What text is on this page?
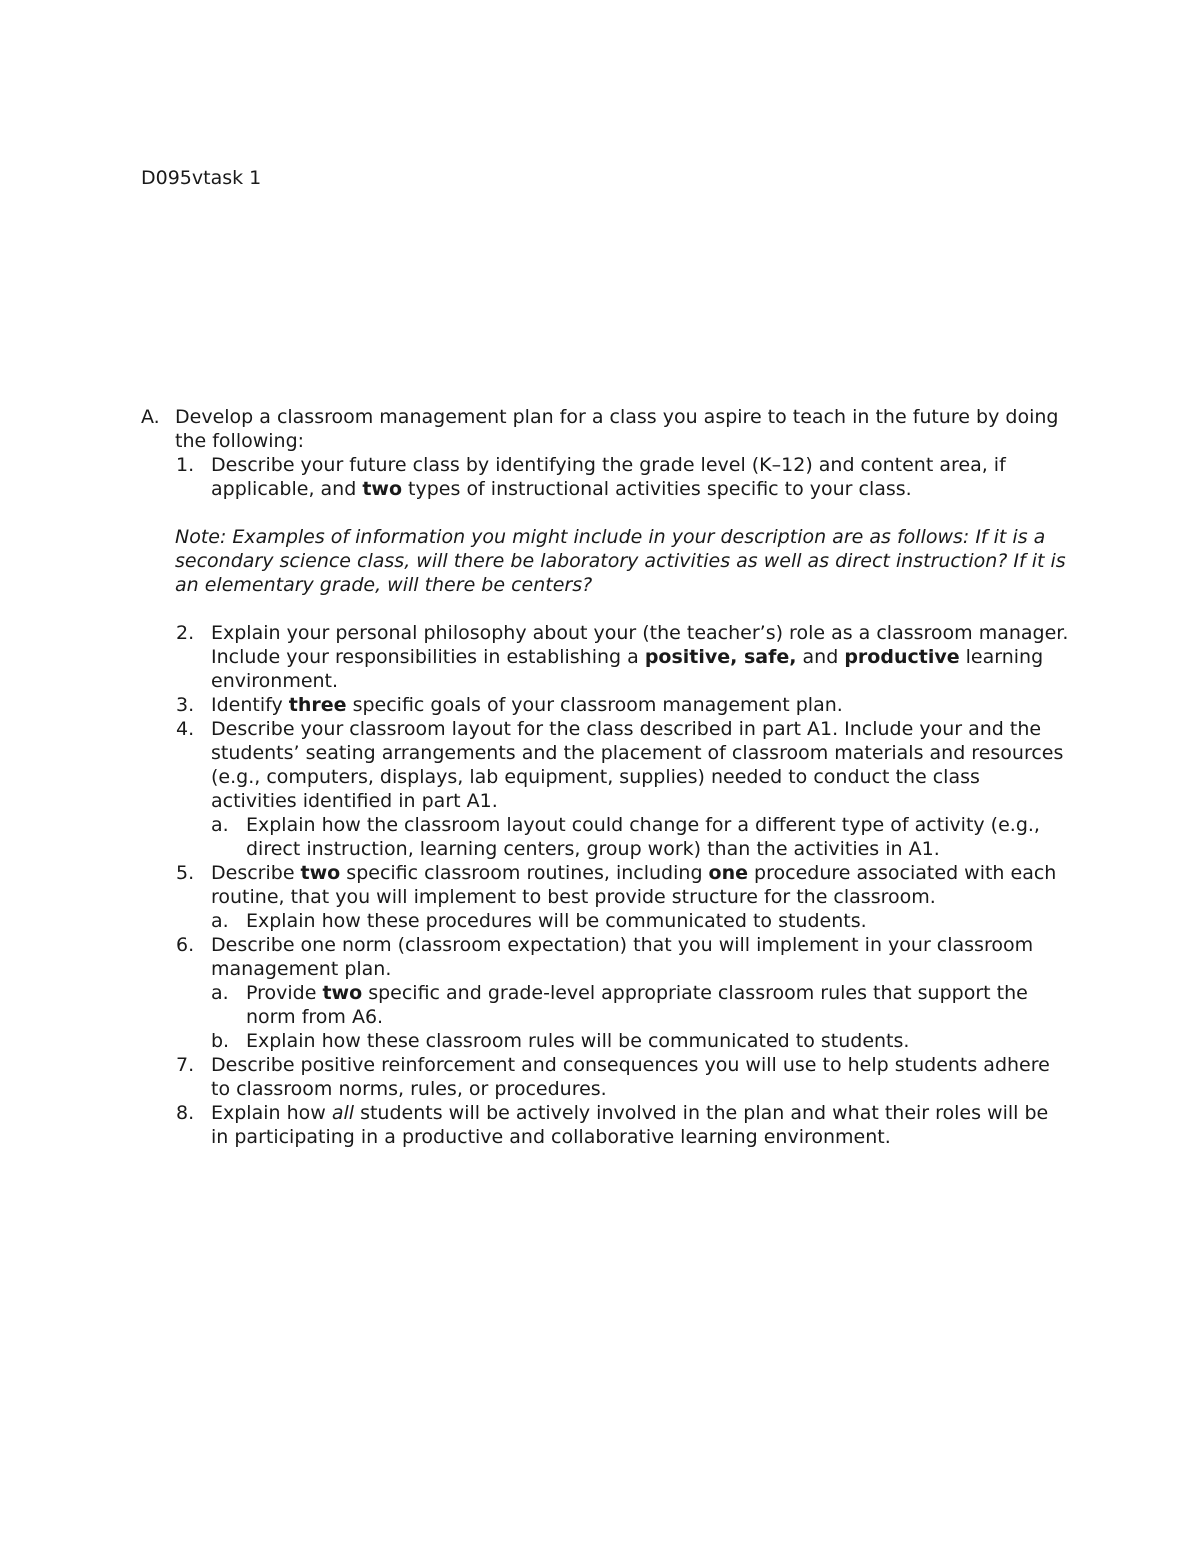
D095vtask 1

A. Develop a classroom management plan for a class you aspire to teach in the future by doing the following:
1. Describe your future class by identifying the grade level (K–12) and content area, if applicable, and two types of instructional activities specific to your class.
Note: Examples of information you might include in your description are as follows: If it is a secondary science class, will there be laboratory activities as well as direct instruction? If it is an elementary grade, will there be centers?
2. Explain your personal philosophy about your (the teacher’s) role as a classroom manager. Include your responsibilities in establishing a positive, safe, and productive learning environment.
3. Identify three specific goals of your classroom management plan.
4. Describe your classroom layout for the class described in part A1. Include your and the students’ seating arrangements and the placement of classroom materials and resources (e.g., computers, displays, lab equipment, supplies) needed to conduct the class activities identified in part A1.
a. Explain how the classroom layout could change for a different type of activity (e.g., direct instruction, learning centers, group work) than the activities in A1.
5. Describe two specific classroom routines, including one procedure associated with each routine, that you will implement to best provide structure for the classroom.
a. Explain how these procedures will be communicated to students.
6. Describe one norm (classroom expectation) that you will implement in your classroom management plan.
a. Provide two specific and grade-level appropriate classroom rules that support the norm from A6.
b. Explain how these classroom rules will be communicated to students.
7. Describe positive reinforcement and consequences you will use to help students adhere to classroom norms, rules, or procedures.
8. Explain how all students will be actively involved in the plan and what their roles will be in participating in a productive and collaborative learning environment.
